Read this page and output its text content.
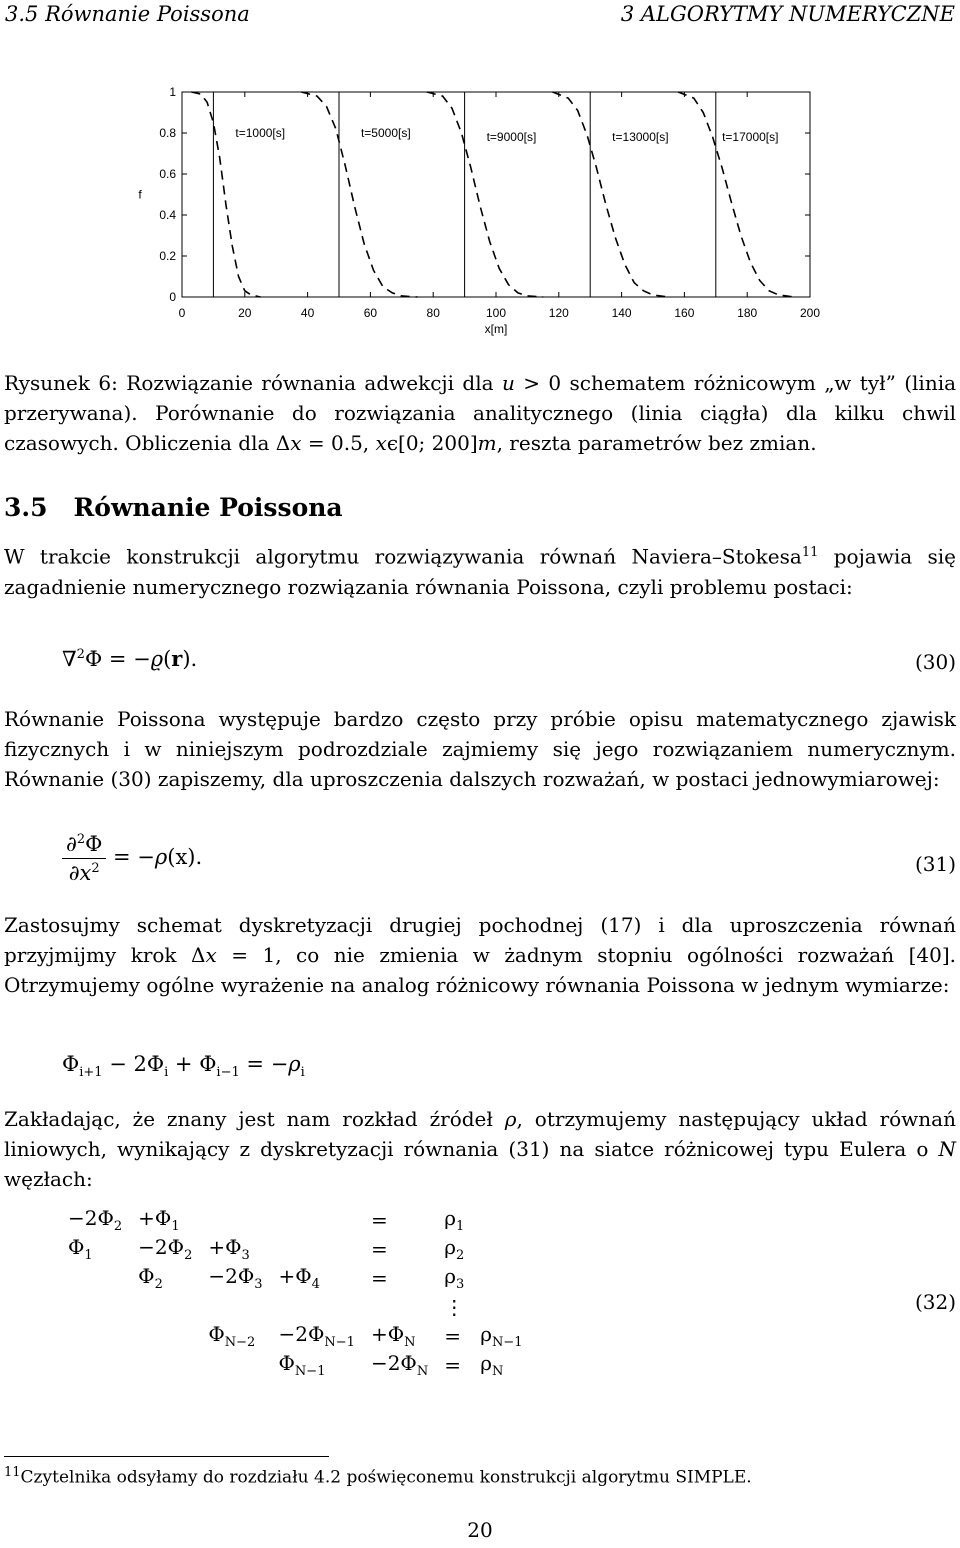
3.5 Równanie Poissona	3 ALGORYTMY NUMERYCZNE
0	20	40	60	80	100	120	140	160	180	200
0
0.2
0.4
0.6
0.8
1
x[m]
f
t=1000[s]	t=5000[s]	t=9000[s]	t=13000[s]	t=17000[s]

Rysunek 6: Rozwiązanie równania adwekcji dla u > 0 schematem różnicowym „w tył” (linia przerywana). Porównanie do rozwiązania analitycznego (linia ciągła) dla kilku chwil czasowych. Obliczenia dla Δx = 0.5, xϵ[0; 200]m, reszta parametrów bez zmian.

3.5 Równanie Poissona

W trakcie konstrukcji algorytmu rozwiązywania równań Naviera–Stokesa$^{11}$ pojawia się zagadnienie numerycznego rozwiązania równania Poissona, czyli problemu postaci:

∇$^2$Φ = −ϱ(r).	(30)

Równanie Poissona występuje bardzo często przy próbie opisu matematycznego zjawisk fizycznych i w niniejszym podrozdziale zajmiemy się jego rozwiązaniem numerycznym. Równanie (30) zapiszemy, dla uproszczenia dalszych rozważań, w postaci jednowymiarowej:

$\frac{\partial^2\Phi}{\partial x^2} = -\rho(x)$.	(31)

Zastosujmy schemat dyskretyzacji drugiej pochodnej (17) i dla uproszczenia równań przyjmijmy krok Δx = 1, co nie zmienia w żadnym stopniu ogólności rozważań [40]. Otrzymujemy ogólne wyrażenie na analog różnicowy równania Poissona w jednym wymiarze:

$\Phi_{i+1} - 2\Phi_i + \Phi_{i-1} = -\rho_i$

Zakładając, że znany jest nam rozkład źródeł ρ, otrzymujemy następujący układ równań liniowych, wynikający z dyskretyzacji równania (31) na siatce różnicowej typu Eulera o N węzłach:

$-2\Phi_2$	$+\Phi_1$			=	$\rho_1$
$\Phi_1$	$-2\Phi_2$	$+\Phi_3$		=	$\rho_2$
	$\Phi_2$	$-2\Phi_3$	$+\Phi_4$	=	$\rho_3$
					⋮	
		$\Phi_{N-2}$	$-2\Phi_{N-1}$	$+\Phi_N$	=	$\rho_{N-1}$
			$\Phi_{N-1}$	$-2\Phi_N$	=	$\rho_N$
(32)
$^{11}$Czytelnika odsyłamy do rozdziału 4.2 poświęconemu konstrukcji algorytmu SIMPLE.
20
